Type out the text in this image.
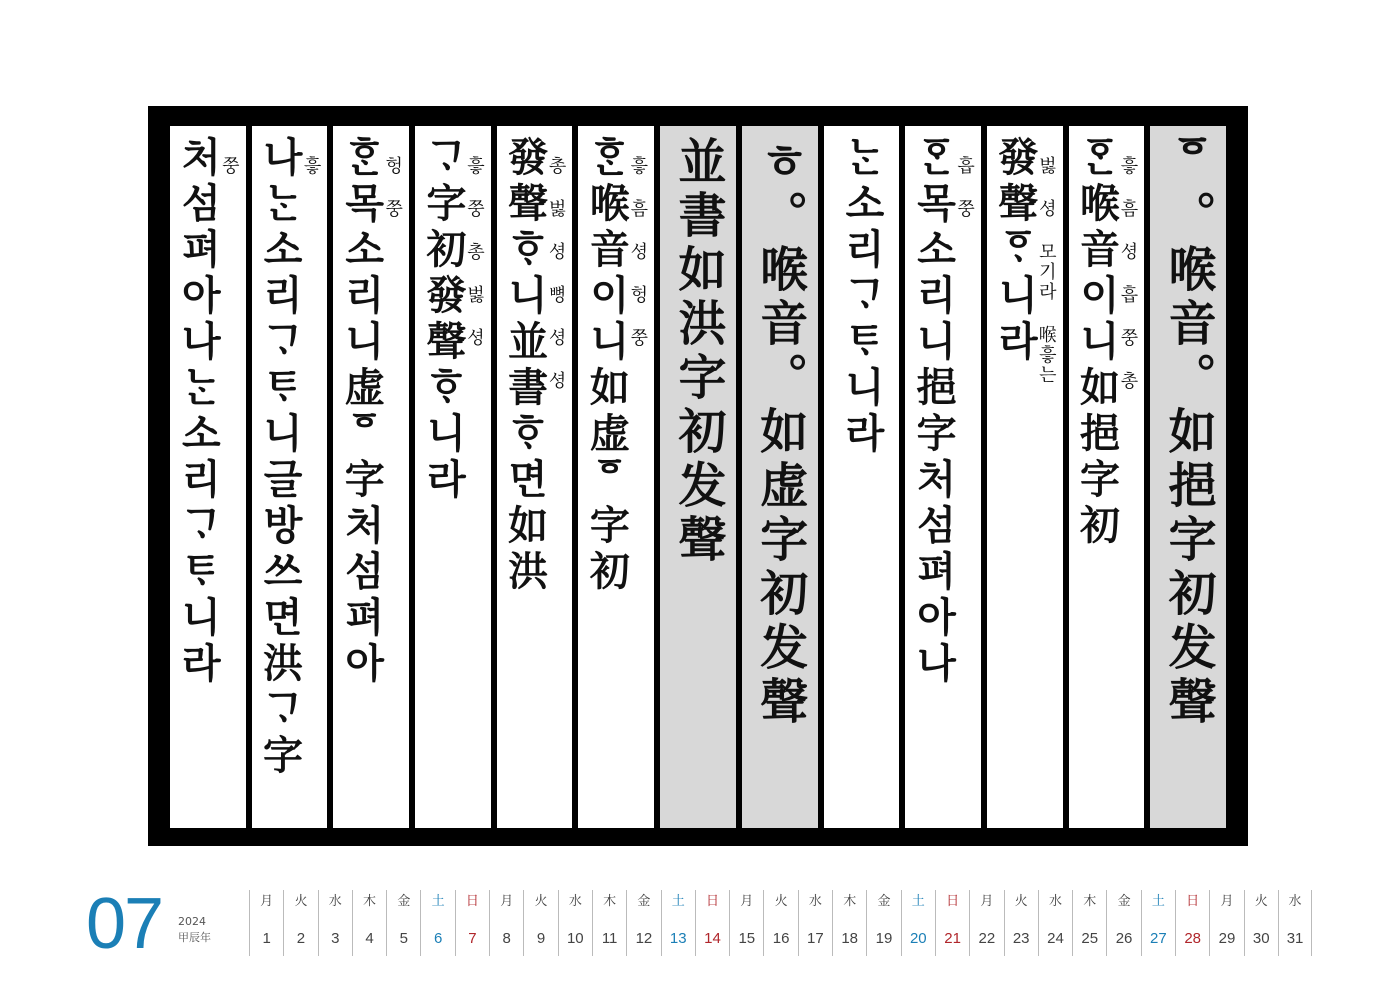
ᅙ。喉音。如挹字初发聲
ᅙᆞᆫ喉音이니如挹字初
흫 흠 셩 흡 쭝 총
發聲ᅙᆞ니라
벓 셩 모기라 喉흫는
ᅙᆞᆫ목소리니挹字처섬펴아나
흡 쭝
ᄂᆞᆫ소리ᄀᆞᄐᆞ니라
ㅎ。喉音。如虚字初发聲
並書如洪字初发聲
ᄒᆞᆫ喉音이니如虚ᅙ字初
흫 흠 셩 헝 쭝
發聲ᄒᆞ니並書ᄒᆞ면如洪
총 벓 셩 뼝 셩 셩
ᄀᆞ字初發聲ᄒᆞ니라
흫 쭝 총 벓 셩
ᄒᆞᆫ목소리니虚ᅙ字처섬펴아
헝 쭝
나ᄂᆞᆫ소리ᄀᆞᄐᆞ니글방쓰면洪ᄀᆞ字
흫
처섬펴아나ᄂᆞᆫ소리ᄀᆞᄐᆞ니라
쭝
07 2024
甲辰年
月
1
火
2
水
3
木
4
金
5
土
6
日
7
月
8
火
9
水
10
木
11
金
12
土
13
日
14
月
15
火
16
水
17
木
18
金
19
土
20
日
21
月
22
火
23
水
24
木
25
金
26
土
27
日
28
月
29
火
30
水
31
